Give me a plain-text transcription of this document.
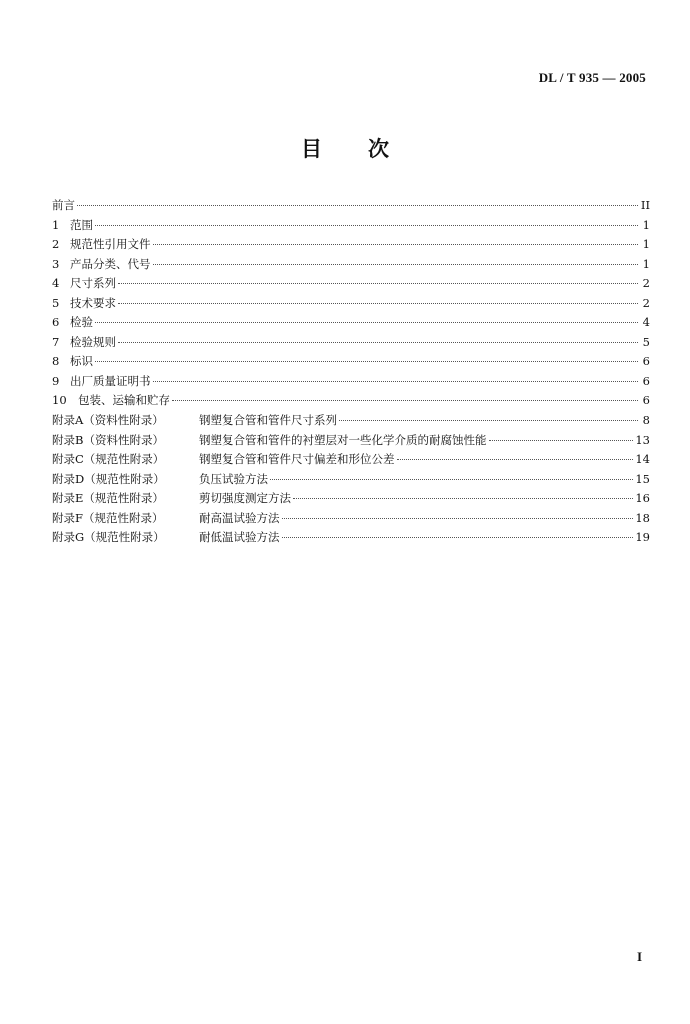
DL / T 935 — 2005
目 次
前言	II
1 范围	1
2 规范性引用文件	1
3 产品分类、代号	1
4 尺寸系列	2
5 技术要求	2
6 检验	4
7 检验规则	5
8 标识	6
9 出厂质量证明书	6
10 包装、运输和贮存	6
附录A（资料性附录）	钢塑复合管和管件尺寸系列	8
附录B（资料性附录）	钢塑复合管和管件的衬塑层对一些化学介质的耐腐蚀性能	13
附录C（规范性附录）	钢塑复合管和管件尺寸偏差和形位公差	14
附录D（规范性附录）	负压试验方法	15
附录E（规范性附录）	剪切强度测定方法	16
附录F（规范性附录）	耐高温试验方法	18
附录G（规范性附录）	耐低温试验方法	19
I
